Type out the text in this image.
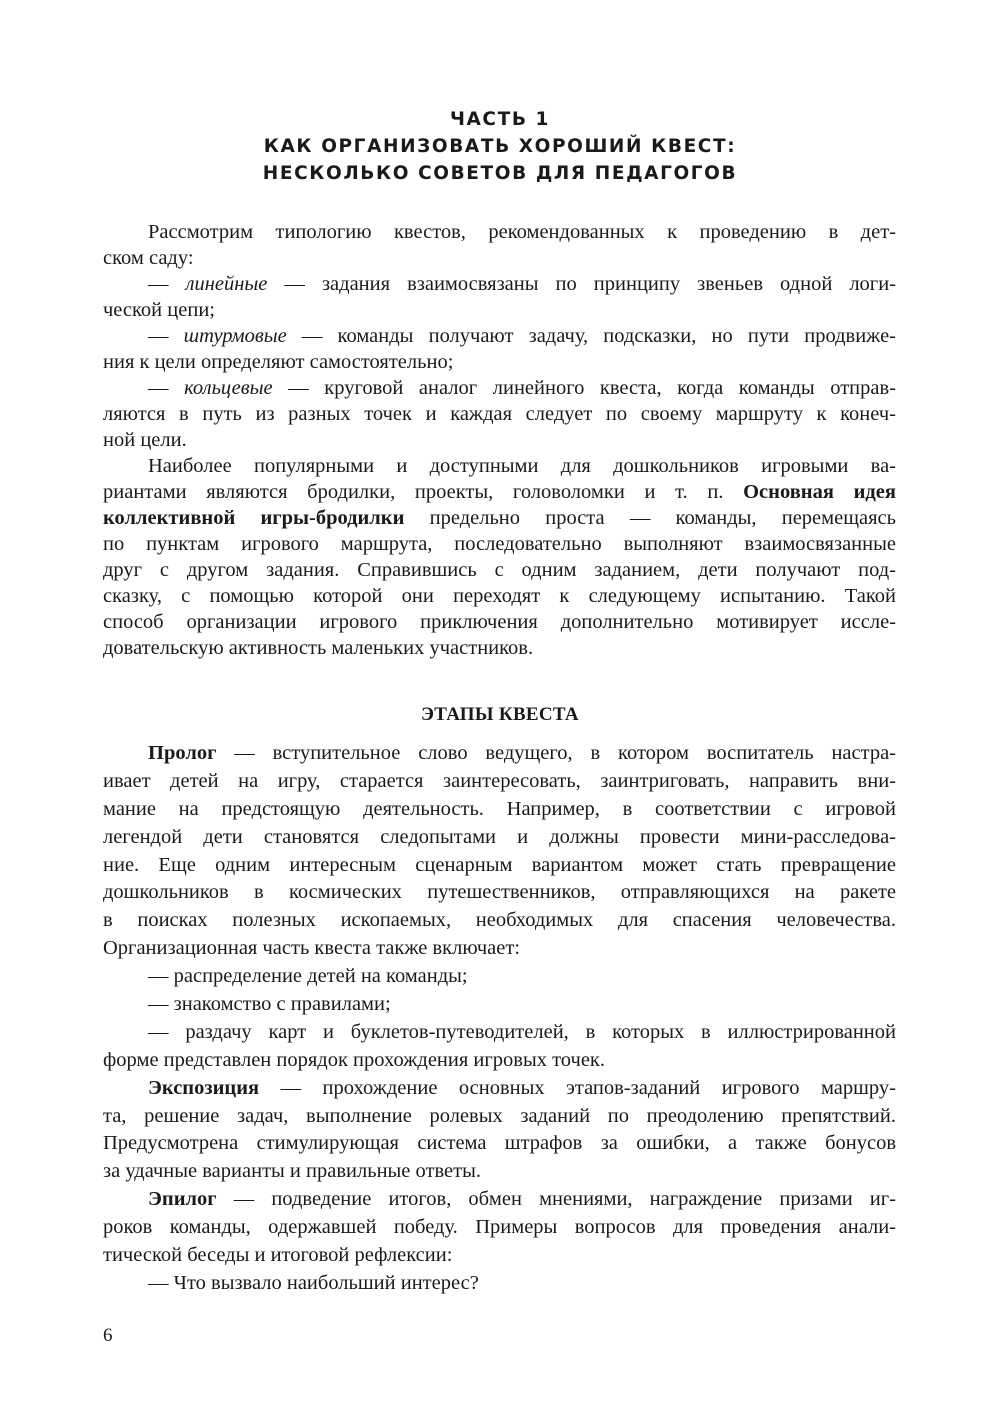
ЧАСТЬ 1
КАК ОРГАНИЗОВАТЬ ХОРОШИЙ КВЕСТ:
НЕСКОЛЬКО СОВЕТОВ ДЛЯ ПЕДАГОГОВ
Рассмотрим типологию квестов, рекомендованных к проведению в дет-
ском саду:
— линейные — задания взаимосвязаны по принципу звеньев одной логи-
ческой цепи;
— штурмовые — команды получают задачу, подсказки, но пути продвиже-
ния к цели определяют самостоятельно;
— кольцевые — круговой аналог линейного квеста, когда команды отправ-
ляются в путь из разных точек и каждая следует по своему маршруту к конеч-
ной цели.
Наиболее популярными и доступными для дошкольников игровыми ва-
риантами являются бродилки, проекты, головоломки и т. п. Основная идея
коллективной игры-бродилки предельно проста — команды, перемещаясь
по пунктам игрового маршрута, последовательно выполняют взаимосвязанные
друг с другом задания. Справившись с одним заданием, дети получают под-
сказку, с помощью которой они переходят к следующему испытанию. Такой
способ организации игрового приключения дополнительно мотивирует иссле-
довательскую активность маленьких участников.
ЭТАПЫ КВЕСТА
Пролог — вступительное слово ведущего, в котором воспитатель настра-
ивает детей на игру, старается заинтересовать, заинтриговать, направить вни-
мание на предстоящую деятельность. Например, в соответствии с игровой
легендой дети становятся следопытами и должны провести мини-расследова-
ние. Еще одним интересным сценарным вариантом может стать превращение
дошкольников в космических путешественников, отправляющихся на ракете
в поисках полезных ископаемых, необходимых для спасения человечества.
Организационная часть квеста также включает:
— распределение детей на команды;
— знакомство с правилами;
— раздачу карт и буклетов-путеводителей, в которых в иллюстрированной
форме представлен порядок прохождения игровых точек.
Экспозиция — прохождение основных этапов-заданий игрового маршру-
та, решение задач, выполнение ролевых заданий по преодолению препятствий.
Предусмотрена стимулирующая система штрафов за ошибки, а также бонусов
за удачные варианты и правильные ответы.
Эпилог — подведение итогов, обмен мнениями, награждение призами иг-
роков команды, одержавшей победу. Примеры вопросов для проведения анали-
тической беседы и итоговой рефлексии:
— Что вызвало наибольший интерес?
6
